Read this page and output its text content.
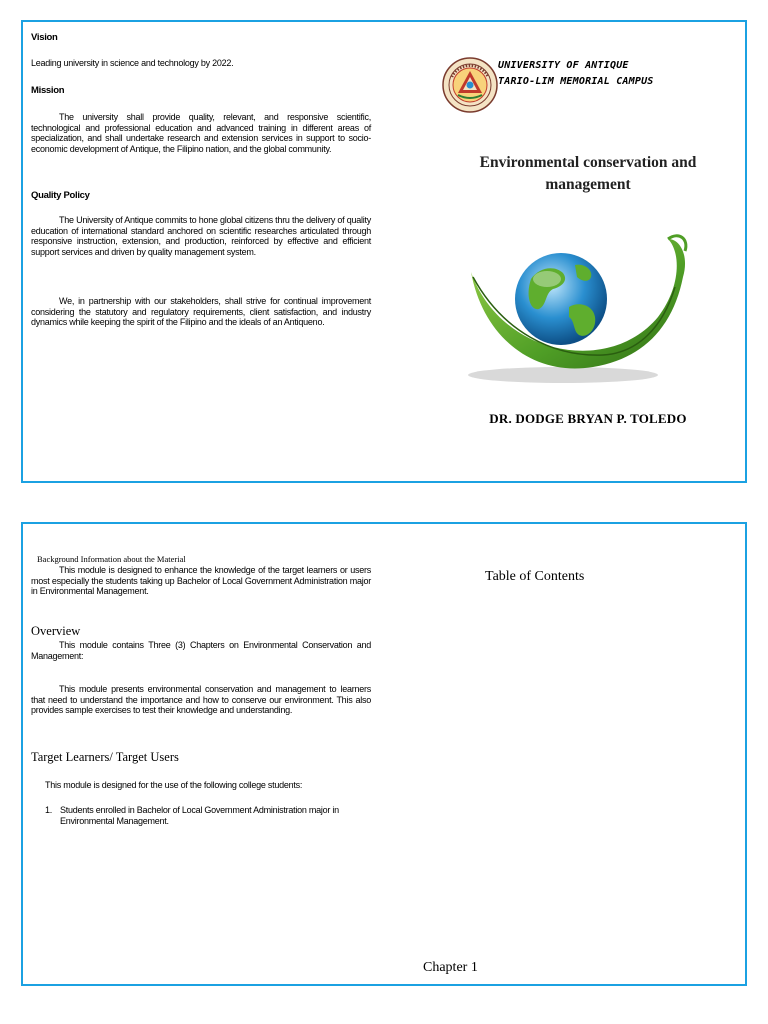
Vision

Leading university in science and technology by 2022.

Mission

The university shall provide quality, relevant, and responsive scientific, technological and professional education and advanced training in different areas of specialization, and shall undertake research and extension services in support to socio-economic development of Antique, the Filipino nation, and the global community.

Quality Policy

The University of Antique commits to hone global citizens thru the delivery of quality education of international standard anchored on scientific researches articulated through responsive instruction, extension, and production, reinforced by effective and efficient support services and driven by quality management system.

We, in partnership with our stakeholders, shall strive for continual improvement considering the statutory and regulatory requirements, client satisfaction, and industry dynamics while keeping the spirit of the Filipino and the ideals of an Antiqueno.

UNIVERSITY OF ANTIQUE
TARIO-LIM MEMORIAL CAMPUS
Environmental conservation and
management
DR. DODGE BRYAN P. TOLEDO
Background Information about the Material

This module is designed to enhance the knowledge of the target learners or users most especially the students taking up Bachelor of Local Government Administration major in Environmental Management.

Overview

This module contains Three (3) Chapters on Environmental Conservation and Management:

This module presents environmental conservation and management to learners that need to understand the importance and how to conserve our environment. This also provides sample exercises to test their knowledge and understanding.

Target Learners/ Target Users

This module is designed for the use of the following college students:

1. Students enrolled in Bachelor of Local Government Administration major in Environmental Management.
Table of Contents
Chapter 1
